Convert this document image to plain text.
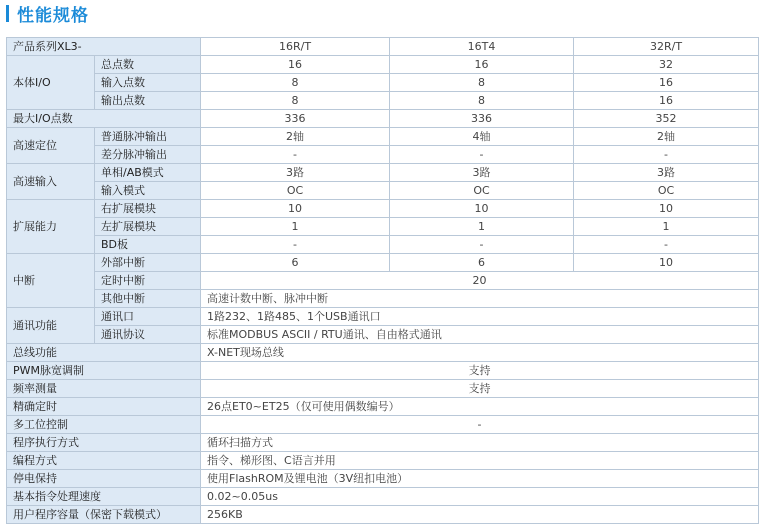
性能规格
产品系列XL3-		16R/T	16T4	32R/T
本体I/O	总点数	16	16	32
	输入点数	8	8	16
	输出点数	8	8	16
最大I/O点数		336	336	352
高速定位	普通脉冲输出	2轴	4轴	2轴
	差分脉冲输出	-	-	-
高速输入	单相/AB模式	3路	3路	3路
	输入模式	OC	OC	OC
扩展能力	右扩展模块	10	10	10
	左扩展模块	1	1	1
	BD板	-	-	-
中断	外部中断	6	6	10
	定时中断	20		
	其他中断	高速计数中断、脉冲中断		
通讯功能	通讯口	1路232、1路485、1个USB通讯口		
	通讯协议	标准MODBUS ASCII / RTU通讯、自由格式通讯		
总线功能		X-NET现场总线		
PWM脉宽调制		支持		
频率测量		支持		
精确定时		26点ET0~ET25（仅可使用偶数编号）		
多工位控制		-		
程序执行方式		循环扫描方式		
编程方式		指令、梯形图、C语言并用		
停电保持		使用FlashROM及锂电池（3V纽扣电池）		
基本指令处理速度		0.02~0.05us		
用户程序容量（保密下载模式）		256KB		
